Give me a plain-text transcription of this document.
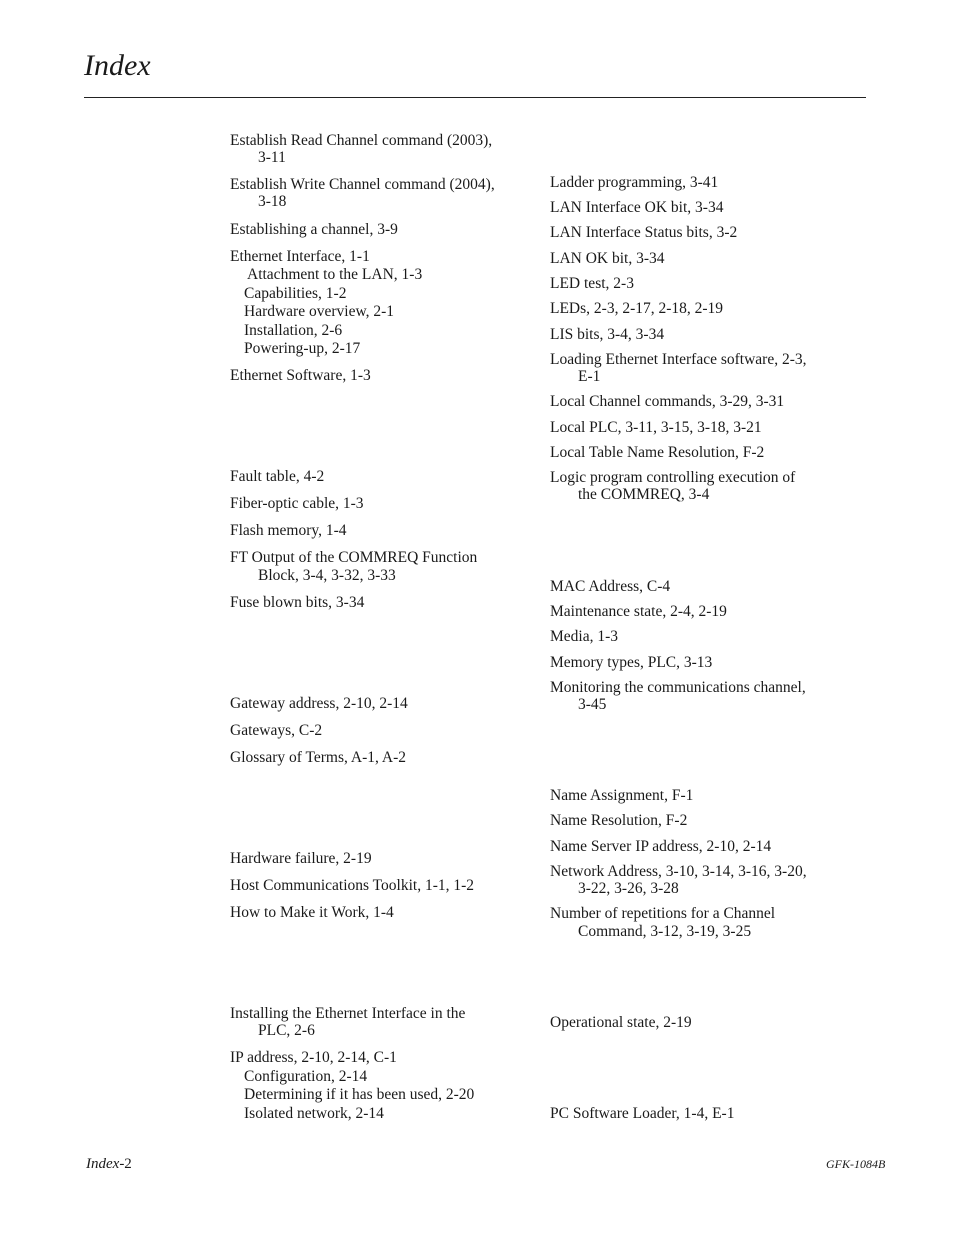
Index
Establish Read Channel command (2003),
3-11
Establish Write Channel command (2004),
3-18
Establishing a channel, 3-9
Ethernet Interface, 1-1
Attachment to the LAN, 1-3
Capabilities, 1-2
Hardware overview, 2-1
Installation, 2-6
Powering-up, 2-17
Ethernet Software, 1-3
Fault table, 4-2
Fiber-optic cable, 1-3
Flash memory, 1-4
FT Output of the COMMREQ Function
Block, 3-4, 3-32, 3-33
Fuse blown bits, 3-34
Gateway address, 2-10, 2-14
Gateways, C-2
Glossary of Terms, A-1, A-2
Hardware failure, 2-19
Host Communications Toolkit, 1-1, 1-2
How to Make it Work, 1-4
Installing the Ethernet Interface in the
PLC, 2-6
IP address, 2-10, 2-14, C-1
Configuration, 2-14
Determining if it has been used, 2-20
Isolated network, 2-14
Ladder programming, 3-41
LAN Interface OK bit, 3-34
LAN Interface Status bits, 3-2
LAN OK bit, 3-34
LED test, 2-3
LEDs, 2-3, 2-17, 2-18, 2-19
LIS bits, 3-4, 3-34
Loading Ethernet Interface software, 2-3,
E-1
Local Channel commands, 3-29, 3-31
Local PLC, 3-11, 3-15, 3-18, 3-21
Local Table Name Resolution, F-2
Logic program controlling execution of
the COMMREQ, 3-4
MAC Address, C-4
Maintenance state, 2-4, 2-19
Media, 1-3
Memory types, PLC, 3-13
Monitoring the communications channel,
3-45
Name Assignment, F-1
Name Resolution, F-2
Name Server IP address, 2-10, 2-14
Network Address, 3-10, 3-14, 3-16, 3-20,
3-22, 3-26, 3-28
Number of repetitions for a Channel
Command, 3-12, 3-19, 3-25
Operational state, 2-19
PC Software Loader, 1-4, E-1
Index-2	GFK-1084B
